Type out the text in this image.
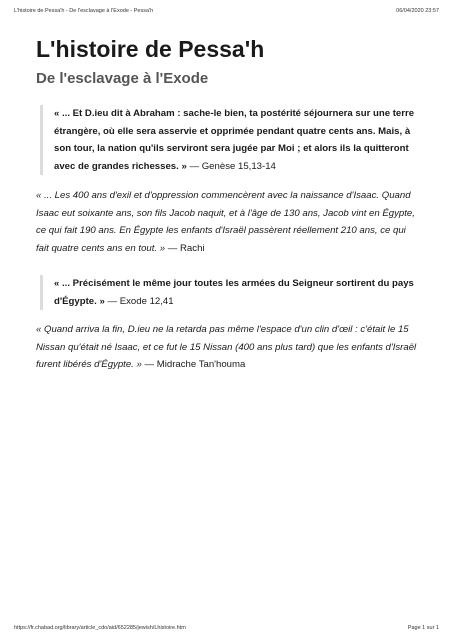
L'histoire de Pessa'h - De l'esclavage à l'Exode - Pessa'h	06/04/2020 23:57
L'histoire de Pessa'h
De l'esclavage à l'Exode
« ... Et D.ieu dit à Abraham : sache-le bien, ta postérité séjournera sur une terre étrangère, où elle sera asservie et opprimée pendant quatre cents ans. Mais, à son tour, la nation qu'ils serviront sera jugée par Moi ; et alors ils la quitteront avec de grandes richesses. » — Genèse 15,13-14

« ... Les 400 ans d'exil et d'oppression commencèrent avec la naissance d'Isaac. Quand Isaac eut soixante ans, son fils Jacob naquit, et à l'âge de 130 ans, Jacob vint en Égypte, ce qui fait 190 ans. En Égypte les enfants d'Israël passèrent réellement 210 ans, ce qui fait quatre cents ans en tout. » — Rachi

« ... Précisément le même jour toutes les armées du Seigneur sortirent du pays d'Égypte. » — Exode 12,41

« Quand arriva la fin, D.ieu ne la retarda pas même l'espace d'un clin d'œil : c'était le 15 Nissan qu'était né Isaac, et ce fut le 15 Nissan (400 ans plus tard) que les enfants d'Israël furent libérés d'Égypte. » — Midrache Tan'houma

https://fr.chabad.org/library/article_cdo/aid/652285/jewish/Lhistoire.htm	Page 1 sur 1
